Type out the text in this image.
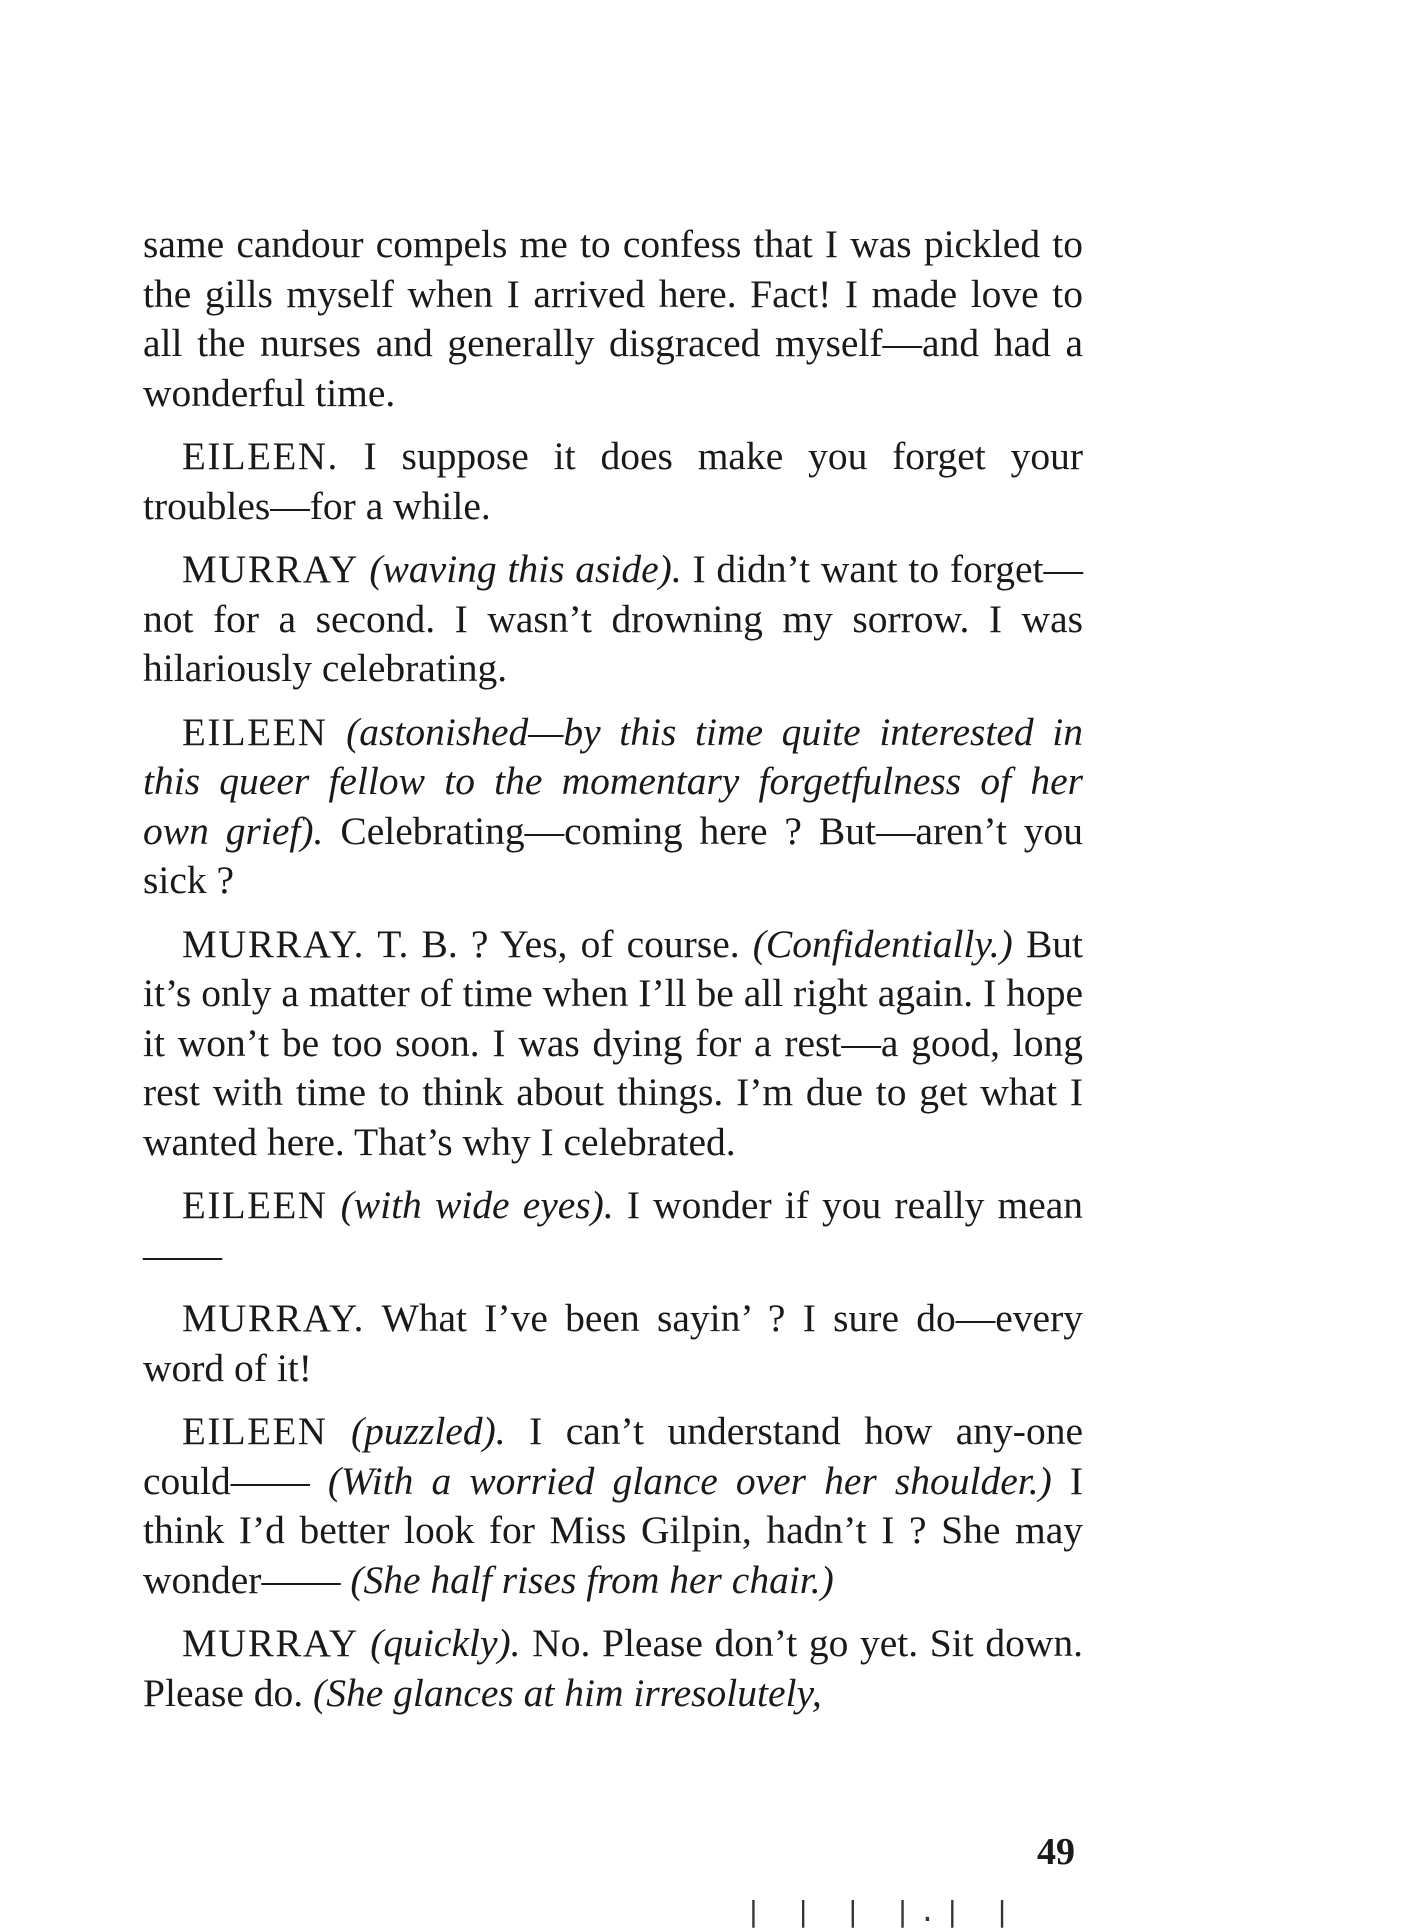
same candour compels me to confess that I was pickled to the gills myself when I arrived here. Fact! I made love to all the nurses and generally disgraced myself—and had a wonderful time.

EILEEN. I suppose it does make you forget your troubles—for a while.

MURRAY (waving this aside). I didn’t want to forget—not for a second. I wasn’t drowning my sorrow. I was hilariously celebrating.

EILEEN (astonished—by this time quite interested in this queer fellow to the momentary forgetfulness of her own grief). Celebrating—coming here ? But—aren’t you sick ?

MURRAY. T. B. ? Yes, of course. (Confidentially.) But it’s only a matter of time when I’ll be all right again. I hope it won’t be too soon. I was dying for a rest—a good, long rest with time to think about things. I’m due to get what I wanted here. That’s why I celebrated.

EILEEN (with wide eyes). I wonder if you really mean——

MURRAY. What I’ve been sayin’ ? I sure do—every word of it!

EILEEN (puzzled). I can’t understand how any-one could—— (With a worried glance over her shoulder.) I think I’d better look for Miss Gilpin, hadn’t I ? She may wonder—— (She half rises from her chair.)

MURRAY (quickly). No. Please don’t go yet. Sit down. Please do. (She glances at him irresolutely,

49
| | | |.| |
